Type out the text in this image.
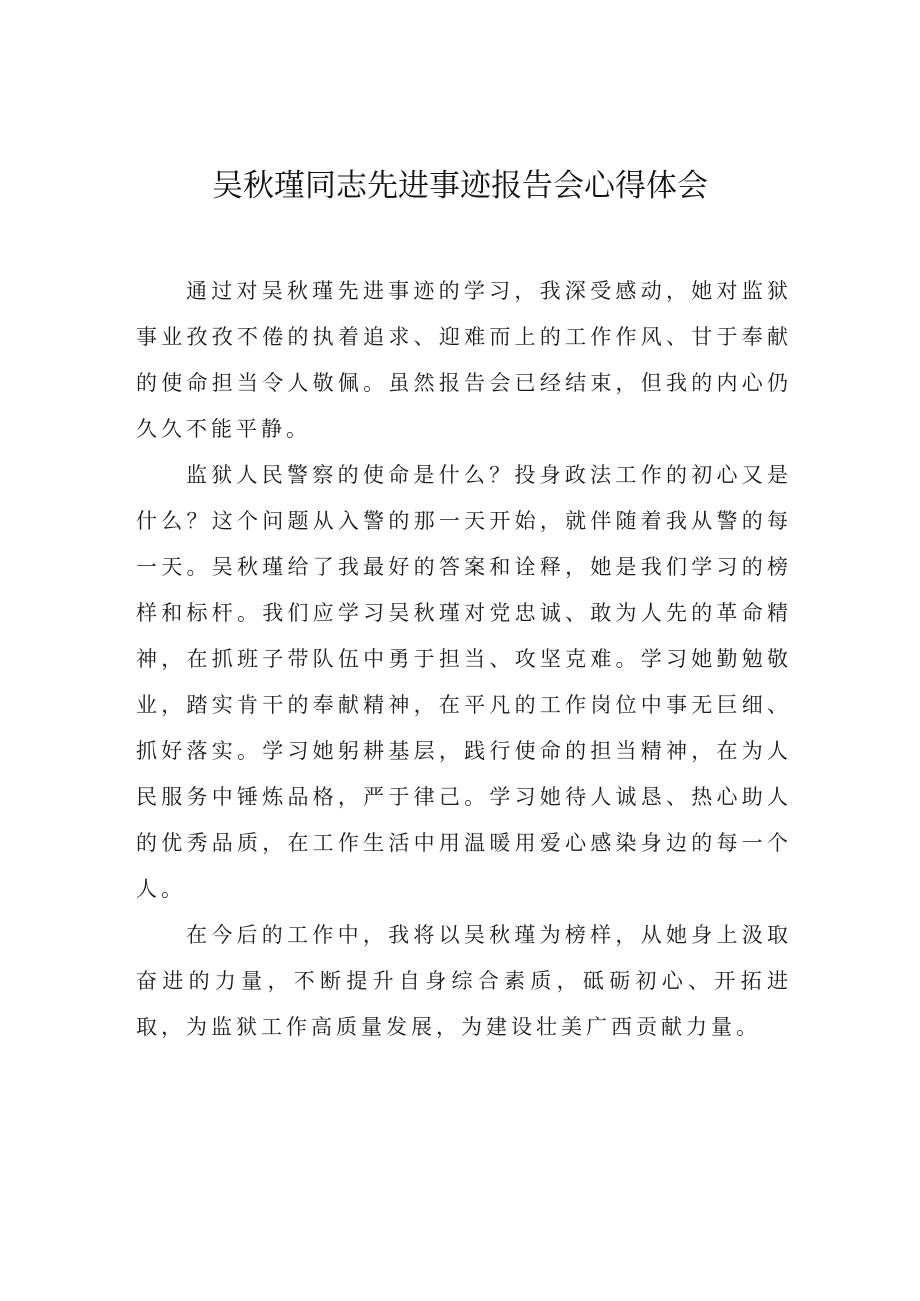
吴秋瑾同志先进事迹报告会心得体会

通过对吴秋瑾先进事迹的学习，我深受感动，她对监狱事业孜孜不倦的执着追求、迎难而上的工作作风、甘于奉献的使命担当令人敬佩。虽然报告会已经结束，但我的内心仍久久不能平静。

监狱人民警察的使命是什么？投身政法工作的初心又是什么？这个问题从入警的那一天开始，就伴随着我从警的每一天。吴秋瑾给了我最好的答案和诠释，她是我们学习的榜样和标杆。我们应学习吴秋瑾对党忠诚、敢为人先的革命精神，在抓班子带队伍中勇于担当、攻坚克难。学习她勤勉敬业，踏实肯干的奉献精神，在平凡的工作岗位中事无巨细、抓好落实。学习她躬耕基层，践行使命的担当精神，在为人民服务中锤炼品格，严于律己。学习她待人诚恳、热心助人的优秀品质，在工作生活中用温暖用爱心感染身边的每一个人。

在今后的工作中，我将以吴秋瑾为榜样，从她身上汲取奋进的力量，不断提升自身综合素质，砥砺初心、开拓进取，为监狱工作高质量发展，为建设壮美广西贡献力量。
